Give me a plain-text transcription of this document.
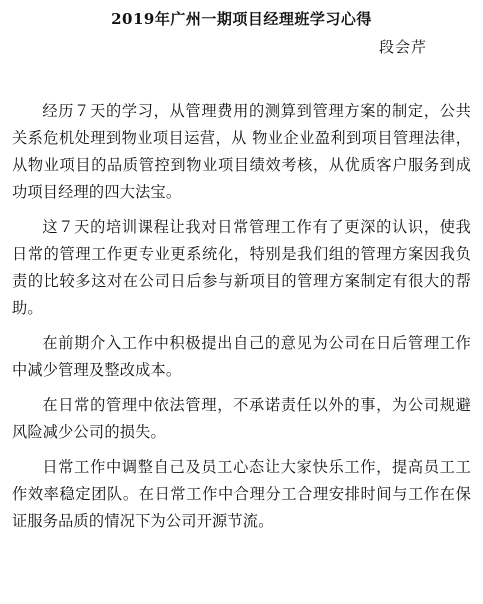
2019年广州一期项目经理班学习心得
段会芹

经历７天的学习，从管理费用的测算到管理方案的制定，公共关系危机处理到物业项目运营，从 物业企业盈利到项目管理法律，从物业项目的品质管控到物业项目绩效考核，从优质客户服务到成功项目经理的四大法宝。

这７天的培训课程让我对日常管理工作有了更深的认识，使我日常的管理工作更专业更系统化，特别是我们组的管理方案因我负责的比较多这对在公司日后参与新项目的管理方案制定有很大的帮助。

在前期介入工作中积极提出自己的意见为公司在日后管理工作中减少管理及整改成本。

在日常的管理中依法管理，不承诺责任以外的事，为公司规避风险减少公司的损失。

日常工作中调整自己及员工心态让大家快乐工作，提高员工工作效率稳定团队。在日常工作中合理分工合理安排时间与工作在保证服务品质的情况下为公司开源节流。
